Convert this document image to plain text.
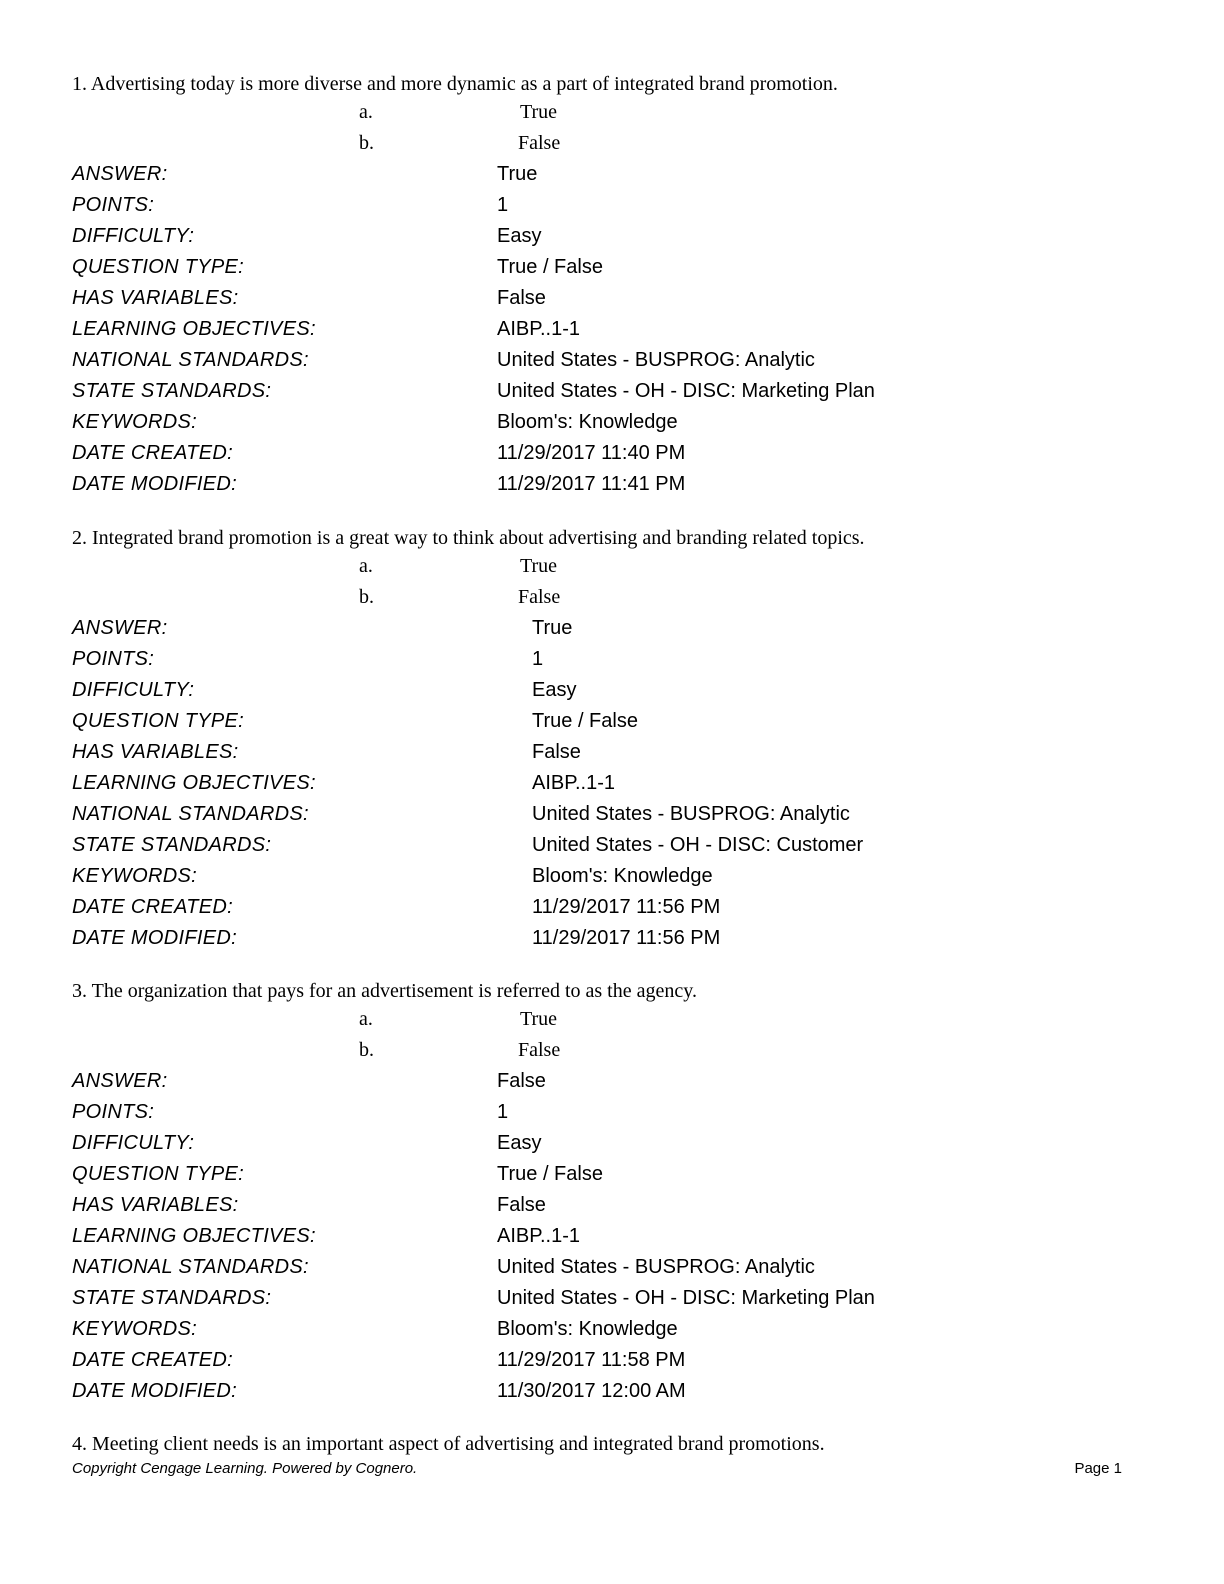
1. Advertising today is more diverse and more dynamic as a part of integrated brand promotion.

a.	True
b.	False
ANSWER:	True
POINTS:	1
DIFFICULTY:	Easy
QUESTION TYPE:	True / False
HAS VARIABLES:	False
LEARNING OBJECTIVES:	AIBP..1-1
NATIONAL STANDARDS:	United States - BUSPROG: Analytic
STATE STANDARDS:	United States - OH - DISC: Marketing Plan
KEYWORDS:	Bloom's: Knowledge
DATE CREATED:	11/29/2017 11:40 PM
DATE MODIFIED:	11/29/2017 11:41 PM

2. Integrated brand promotion is a great way to think about advertising and branding related topics.

a.	True
b.	False
ANSWER:	True
POINTS:	1
DIFFICULTY:	Easy
QUESTION TYPE:	True / False
HAS VARIABLES:	False
LEARNING OBJECTIVES:	AIBP..1-1
NATIONAL STANDARDS:	United States - BUSPROG: Analytic
STATE STANDARDS:	United States - OH - DISC: Customer
KEYWORDS:	Bloom's: Knowledge
DATE CREATED:	11/29/2017 11:56 PM
DATE MODIFIED:	11/29/2017 11:56 PM

3. The organization that pays for an advertisement is referred to as the agency.

a.	True
b.	False
ANSWER:	False
POINTS:	1
DIFFICULTY:	Easy
QUESTION TYPE:	True / False
HAS VARIABLES:	False
LEARNING OBJECTIVES:	AIBP..1-1
NATIONAL STANDARDS:	United States - BUSPROG: Analytic
STATE STANDARDS:	United States - OH - DISC: Marketing Plan
KEYWORDS:	Bloom's: Knowledge
DATE CREATED:	11/29/2017 11:58 PM
DATE MODIFIED:	11/30/2017 12:00 AM

4. Meeting client needs is an important aspect of advertising and integrated brand promotions.

Copyright Cengage Learning. Powered by Cognero.	Page 1
